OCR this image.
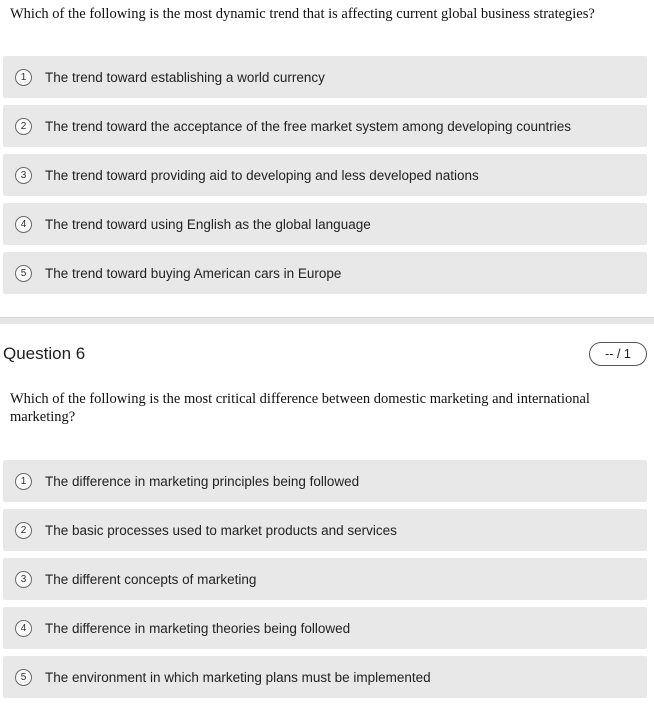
Which of the following is the most dynamic trend that is affecting current global business strategies?
1	The trend toward establishing a world currency
2	The trend toward the acceptance of the free market system among developing countries
3	The trend toward providing aid to developing and less developed nations
4	The trend toward using English as the global language
5	The trend toward buying American cars in Europe
Question 6	-- / 1
Which of the following is the most critical difference between domestic marketing and international marketing?
1	The difference in marketing principles being followed
2	The basic processes used to market products and services
3	The different concepts of marketing
4	The difference in marketing theories being followed
5	The environment in which marketing plans must be implemented
